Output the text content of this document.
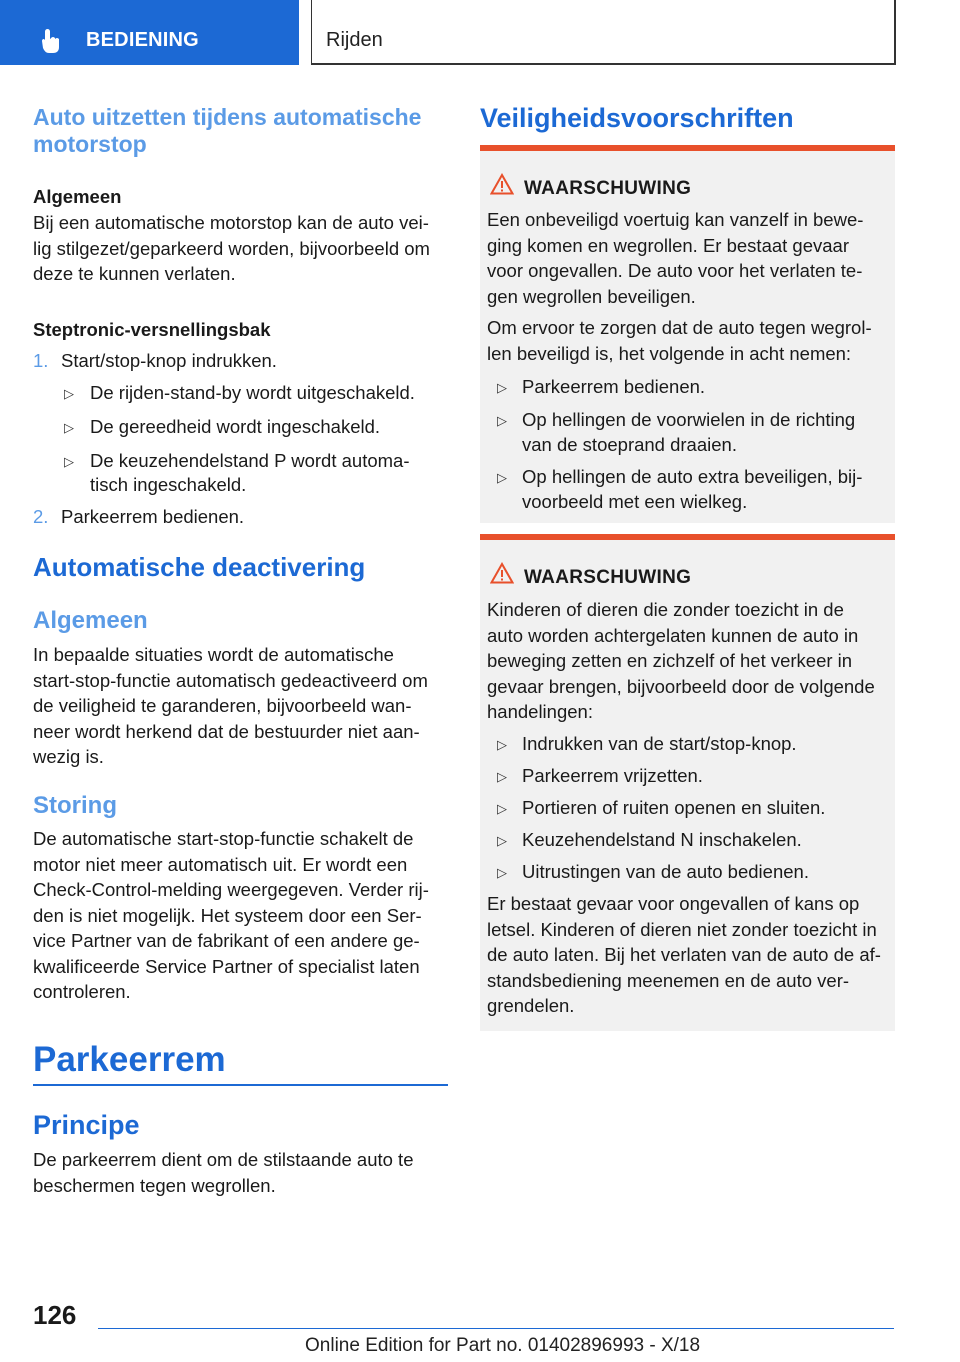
BEDIENING	Rijden
Auto uitzetten tijdens automatische
motorstop
Algemeen
Bij een automatische motorstop kan de auto vei-
lig stilgezet/geparkeerd worden, bijvoorbeeld om
deze te kunnen verlaten.
Steptronic-versnellingsbak
1. Start/stop-knop indrukken.
▷ De rijden-stand-by wordt uitgeschakeld.
▷ De gereedheid wordt ingeschakeld.
▷ De keuzehendelstand P wordt automa-
tisch ingeschakeld.
2. Parkeerrem bedienen.
Automatische deactivering
Algemeen
In bepaalde situaties wordt de automatische
start-stop-functie automatisch gedeactiveerd om
de veiligheid te garanderen, bijvoorbeeld wan-
neer wordt herkend dat de bestuurder niet aan-
wezig is.
Storing
De automatische start-stop-functie schakelt de
motor niet meer automatisch uit. Er wordt een
Check-Control-melding weergegeven. Verder rij-
den is niet mogelijk. Het systeem door een Ser-
vice Partner van de fabrikant of een andere ge-
kwalificeerde Service Partner of specialist laten
controleren.
Parkeerrem
Principe
De parkeerrem dient om de stilstaande auto te
beschermen tegen wegrollen.
Veiligheidsvoorschriften
WAARSCHUWING
Een onbeveiligd voertuig kan vanzelf in bewe-
ging komen en wegrollen. Er bestaat gevaar
voor ongevallen. De auto voor het verlaten te-
gen wegrollen beveiligen.
Om ervoor te zorgen dat de auto tegen wegrol-
len beveiligd is, het volgende in acht nemen:
▷ Parkeerrem bedienen.
▷ Op hellingen de voorwielen in de richting
van de stoeprand draaien.
▷ Op hellingen de auto extra beveiligen, bij-
voorbeeld met een wielkeg.
WAARSCHUWING
Kinderen of dieren die zonder toezicht in de
auto worden achtergelaten kunnen de auto in
beweging zetten en zichzelf of het verkeer in
gevaar brengen, bijvoorbeeld door de volgende
handelingen:
▷ Indrukken van de start/stop-knop.
▷ Parkeerrem vrijzetten.
▷ Portieren of ruiten openen en sluiten.
▷ Keuzehendelstand N inschakelen.
▷ Uitrustingen van de auto bedienen.
Er bestaat gevaar voor ongevallen of kans op
letsel. Kinderen of dieren niet zonder toezicht in
de auto laten. Bij het verlaten van de auto de af-
standsbediening meenemen en de auto ver-
grendelen.
126
Online Edition for Part no. 01402896993 - X/18
